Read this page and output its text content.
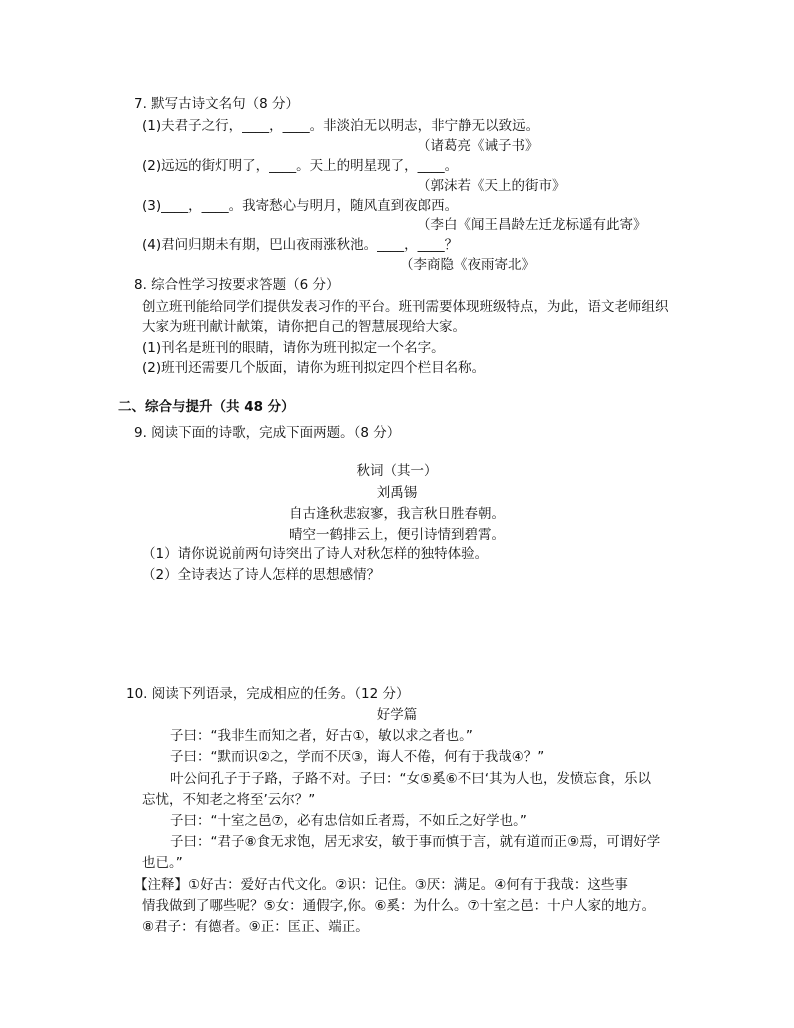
7. 默写古诗文名句（8 分）
(1)夫君子之行，____，____。非淡泊无以明志，非宁静无以致远。
（诸葛亮《诫子书》
(2)远远的街灯明了，____。天上的明星现了，____。
（郭沫若《天上的街市》
(3)____，____。我寄愁心与明月，随风直到夜郎西。
（李白《闻王昌龄左迁龙标遥有此寄》
(4)君问归期未有期，巴山夜雨涨秋池。____，____？
（李商隐《夜雨寄北》
8. 综合性学习按要求答题（6 分）
创立班刊能给同学们提供发表习作的平台。班刊需要体现班级特点，为此，语文老师组织
大家为班刊献计献策，请你把自己的智慧展现给大家。
(1)刊名是班刊的眼睛，请你为班刊拟定一个名字。
(2)班刊还需要几个版面，请你为班刊拟定四个栏目名称。
二、综合与提升（共 48 分）
9. 阅读下面的诗歌，完成下面两题。（8 分）
秋词（其一）
刘禹锡
自古逢秋悲寂寥，我言秋日胜春朝。
晴空一鹤排云上，便引诗情到碧霄。
（1）请你说说前两句诗突出了诗人对秋怎样的独特体验。
（2）全诗表达了诗人怎样的思想感情？
10. 阅读下列语录，完成相应的任务。（12 分）
好学篇
子曰：“我非生而知之者，好古①，敏以求之者也。”
子曰：“默而识②之，学而不厌③，诲人不倦，何有于我哉④？”
叶公问孔子于子路，子路不对。子曰：“女⑤奚⑥不曰‘其为人也，发愤忘食，乐以
忘忧，不知老之将至’云尔？”
子曰：“十室之邑⑦，必有忠信如丘者焉，不如丘之好学也。”
子曰：“君子⑧食无求饱，居无求安，敏于事而慎于言，就有道而正⑨焉，可谓好学
也已。”
【注释】①好古：爱好古代文化。②识：记住。③厌：满足。④何有于我哉：这些事
情我做到了哪些呢？⑤女：通假字,你。⑥奚：为什么。⑦十室之邑：十户人家的地方。
⑧君子：有德者。⑨正：匡正、端正。
